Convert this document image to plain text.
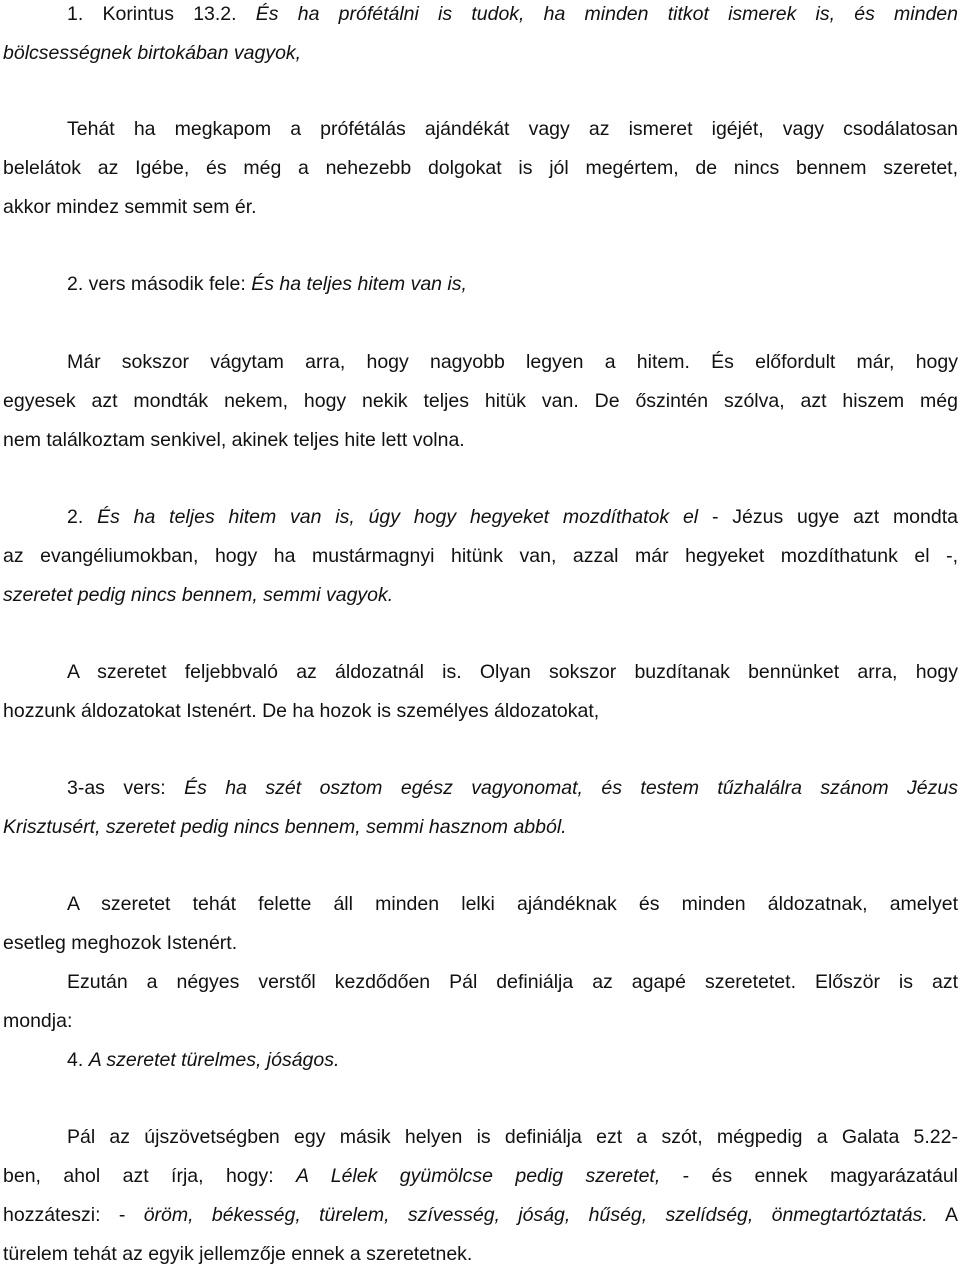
1. Korintus 13.2. És ha prófétálni is tudok, ha minden titkot ismerek is, és minden
bölcsességnek birtokában vagyok,
Tehát ha megkapom a prófétálás ajándékát vagy az ismeret igéjét, vagy csodálatosan
belelátok az Igébe, és még a nehezebb dolgokat is jól megértem, de nincs bennem szeretet,
akkor mindez semmit sem ér.
2. vers második fele: És ha teljes hitem van is,
Már sokszor vágytam arra, hogy nagyobb legyen a hitem. És előfordult már, hogy
egyesek azt mondták nekem, hogy nekik teljes hitük van. De őszintén szólva, azt hiszem még
nem találkoztam senkivel, akinek teljes hite lett volna.
2. És ha teljes hitem van is, úgy hogy hegyeket mozdíthatok el - Jézus ugye azt mondta
az evangéliumokban, hogy ha mustármagnyi hitünk van, azzal már hegyeket mozdíthatunk el -,
szeretet pedig nincs bennem, semmi vagyok.
A szeretet feljebbvaló az áldozatnál is. Olyan sokszor buzdítanak bennünket arra, hogy
hozzunk áldozatokat Istenért. De ha hozok is személyes áldozatokat,
3-as vers: És ha szét osztom egész vagyonomat, és testem tűzhalálra szánom Jézus
Krisztusért, szeretet pedig nincs bennem, semmi hasznom abból.
A szeretet tehát felette áll minden lelki ajándéknak és minden áldozatnak, amelyet
esetleg meghozok Istenért.
Ezután a négyes verstől kezdődően Pál definiálja az agapé szeretetet. Először is azt
mondja:
4. A szeretet türelmes, jóságos.
Pál az újszövetségben egy másik helyen is definiálja ezt a szót, mégpedig a Galata 5.22-
ben, ahol azt írja, hogy: A Lélek gyümölcse pedig szeretet, - és ennek magyarázatául
hozzáteszi: - öröm, békesség, türelem, szívesség, jóság, hűség, szelídség, önmegtartóztatás. A
türelem tehát az egyik jellemzője ennek a szeretetnek.
